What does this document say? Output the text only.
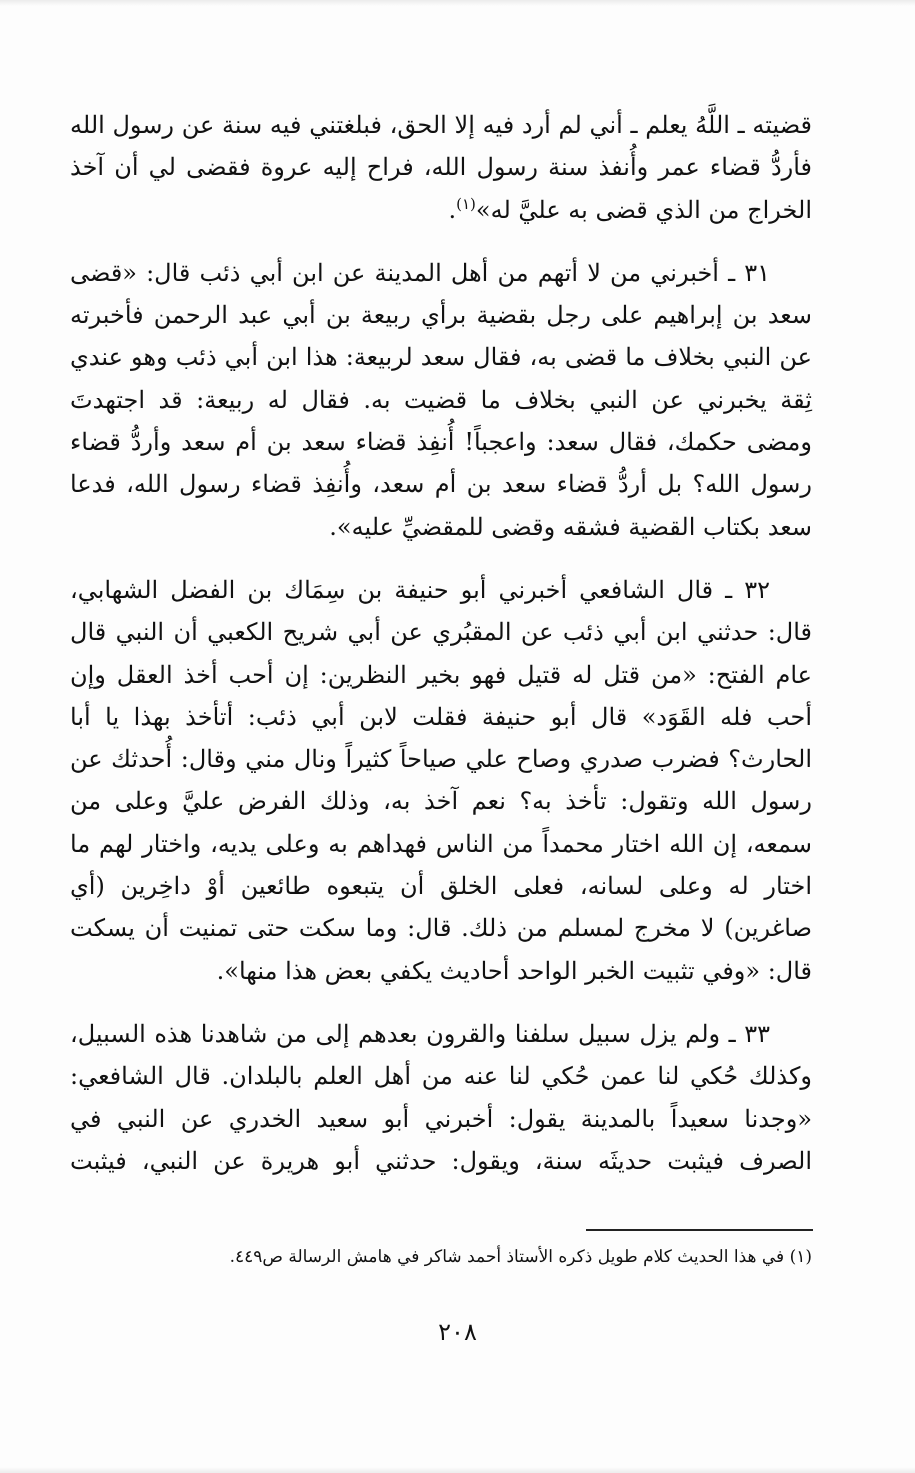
قضيته ـ اللَّهُ يعلم ـ أني لم أرد فيه إلا الحق، فبلغتني فيه سنة عن رسول الله فأردُّ قضاء عمر وأُنفذ سنة رسول الله، فراح إليه عروة فقضى لي أن آخذ الخراج من الذي قضى به عليَّ له»$^{(١)}$.

٣١ ـ أخبرني من لا أتهم من أهل المدينة عن ابن أبي ذئب قال: «قضى سعد بن إبراهيم على رجل بقضية برأي ربيعة بن أبي عبد الرحمن فأخبرته عن النبي بخلاف ما قضى به، فقال سعد لربيعة: هذا ابن أبي ذئب وهو عندي ثِقة يخبرني عن النبي بخلاف ما قضيت به. فقال له ربيعة: قد اجتهدتَ ومضى حكمك، فقال سعد: واعجباً! أُنفِذ قضاء سعد بن أم سعد وأردُّ قضاء رسول الله؟ بل أردُّ قضاء سعد بن أم سعد، وأُنفِذ قضاء رسول الله، فدعا سعد بكتاب القضية فشقه وقضى للمقضيِّ عليه».

٣٢ ـ قال الشافعي أخبرني أبو حنيفة بن سِمَاك بن الفضل الشهابي، قال: حدثني ابن أبي ذئب عن المقبُري عن أبي شريح الكعبي أن النبي قال عام الفتح: «من قتل له قتيل فهو بخير النظرين: إن أحب أخذ العقل وإن أحب فله القَوَد» قال أبو حنيفة فقلت لابن أبي ذئب: أتأخذ بهذا يا أبا الحارث؟ فضرب صدري وصاح علي صياحاً كثيراً ونال مني وقال: أُحدثك عن رسول الله وتقول: تأخذ به؟ نعم آخذ به، وذلك الفرض عليَّ وعلى من سمعه، إن الله اختار محمداً من الناس فهداهم به وعلى يديه، واختار لهم ما اختار له وعلى لسانه، فعلى الخلق أن يتبعوه طائعين أوْ داخِرين (أي صاغرين) لا مخرج لمسلم من ذلك. قال: وما سكت حتى تمنيت أن يسكت قال: «وفي تثبيت الخبر الواحد أحاديث يكفي بعض هذا منها».

٣٣ ـ ولم يزل سبيل سلفنا والقرون بعدهم إلى من شاهدنا هذه السبيل، وكذلك حُكي لنا عمن حُكي لنا عنه من أهل العلم بالبلدان. قال الشافعي: «وجدنا سعيداً بالمدينة يقول: أخبرني أبو سعيد الخدري عن النبي في الصرف فيثبت حديثَه سنة، ويقول: حدثني أبو هريرة عن النبي، فيثبت

(١) في هذا الحديث كلام طويل ذكره الأستاذ أحمد شاكر في هامش الرسالة ص٤٤٩.
٢٠٨
